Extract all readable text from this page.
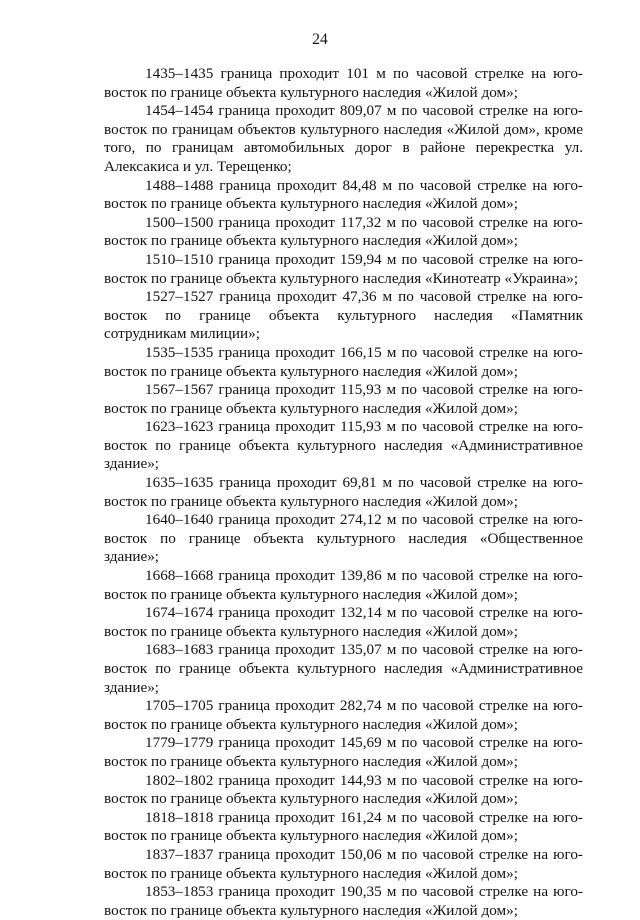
24

1435–1435 граница проходит 101 м по часовой стрелке на юго-восток по границе объекта культурного наследия «Жилой дом»;

1454–1454 граница проходит 809,07 м по часовой стрелке на юго-восток по границам объектов культурного наследия «Жилой дом», кроме того, по границам автомобильных дорог в районе перекрестка ул. Алексакиса и ул. Терещенко;

1488–1488 граница проходит 84,48 м по часовой стрелке на юго-восток по границе объекта культурного наследия «Жилой дом»;

1500–1500 граница проходит 117,32 м по часовой стрелке на юго-восток по границе объекта культурного наследия «Жилой дом»;

1510–1510 граница проходит 159,94 м по часовой стрелке на юго-восток по границе объекта культурного наследия «Кинотеатр «Украина»;

1527–1527 граница проходит 47,36 м по часовой стрелке на юго-восток по границе объекта культурного наследия «Памятник сотрудникам милиции»;

1535–1535 граница проходит 166,15 м по часовой стрелке на юго-восток по границе объекта культурного наследия «Жилой дом»;

1567–1567 граница проходит 115,93 м по часовой стрелке на юго-восток по границе объекта культурного наследия «Жилой дом»;

1623–1623 граница проходит 115,93 м по часовой стрелке на юго-восток по границе объекта культурного наследия «Административное здание»;

1635–1635 граница проходит 69,81 м по часовой стрелке на юго-восток по границе объекта культурного наследия «Жилой дом»;

1640–1640 граница проходит 274,12 м по часовой стрелке на юго-восток по границе объекта культурного наследия «Общественное здание»;

1668–1668 граница проходит 139,86 м по часовой стрелке на юго-восток по границе объекта культурного наследия «Жилой дом»;

1674–1674 граница проходит 132,14 м по часовой стрелке на юго-восток по границе объекта культурного наследия «Жилой дом»;

1683–1683 граница проходит 135,07 м по часовой стрелке на юго-восток по границе объекта культурного наследия «Административное здание»;

1705–1705 граница проходит 282,74 м по часовой стрелке на юго-восток по границе объекта культурного наследия «Жилой дом»;

1779–1779 граница проходит 145,69 м по часовой стрелке на юго-восток по границе объекта культурного наследия «Жилой дом»;

1802–1802 граница проходит 144,93 м по часовой стрелке на юго-восток по границе объекта культурного наследия «Жилой дом»;

1818–1818 граница проходит 161,24 м по часовой стрелке на юго-восток по границе объекта культурного наследия «Жилой дом»;

1837–1837 граница проходит 150,06 м по часовой стрелке на юго-восток по границе объекта культурного наследия «Жилой дом»;

1853–1853 граница проходит 190,35 м по часовой стрелке на юго-восток по границе объекта культурного наследия «Жилой дом»;
